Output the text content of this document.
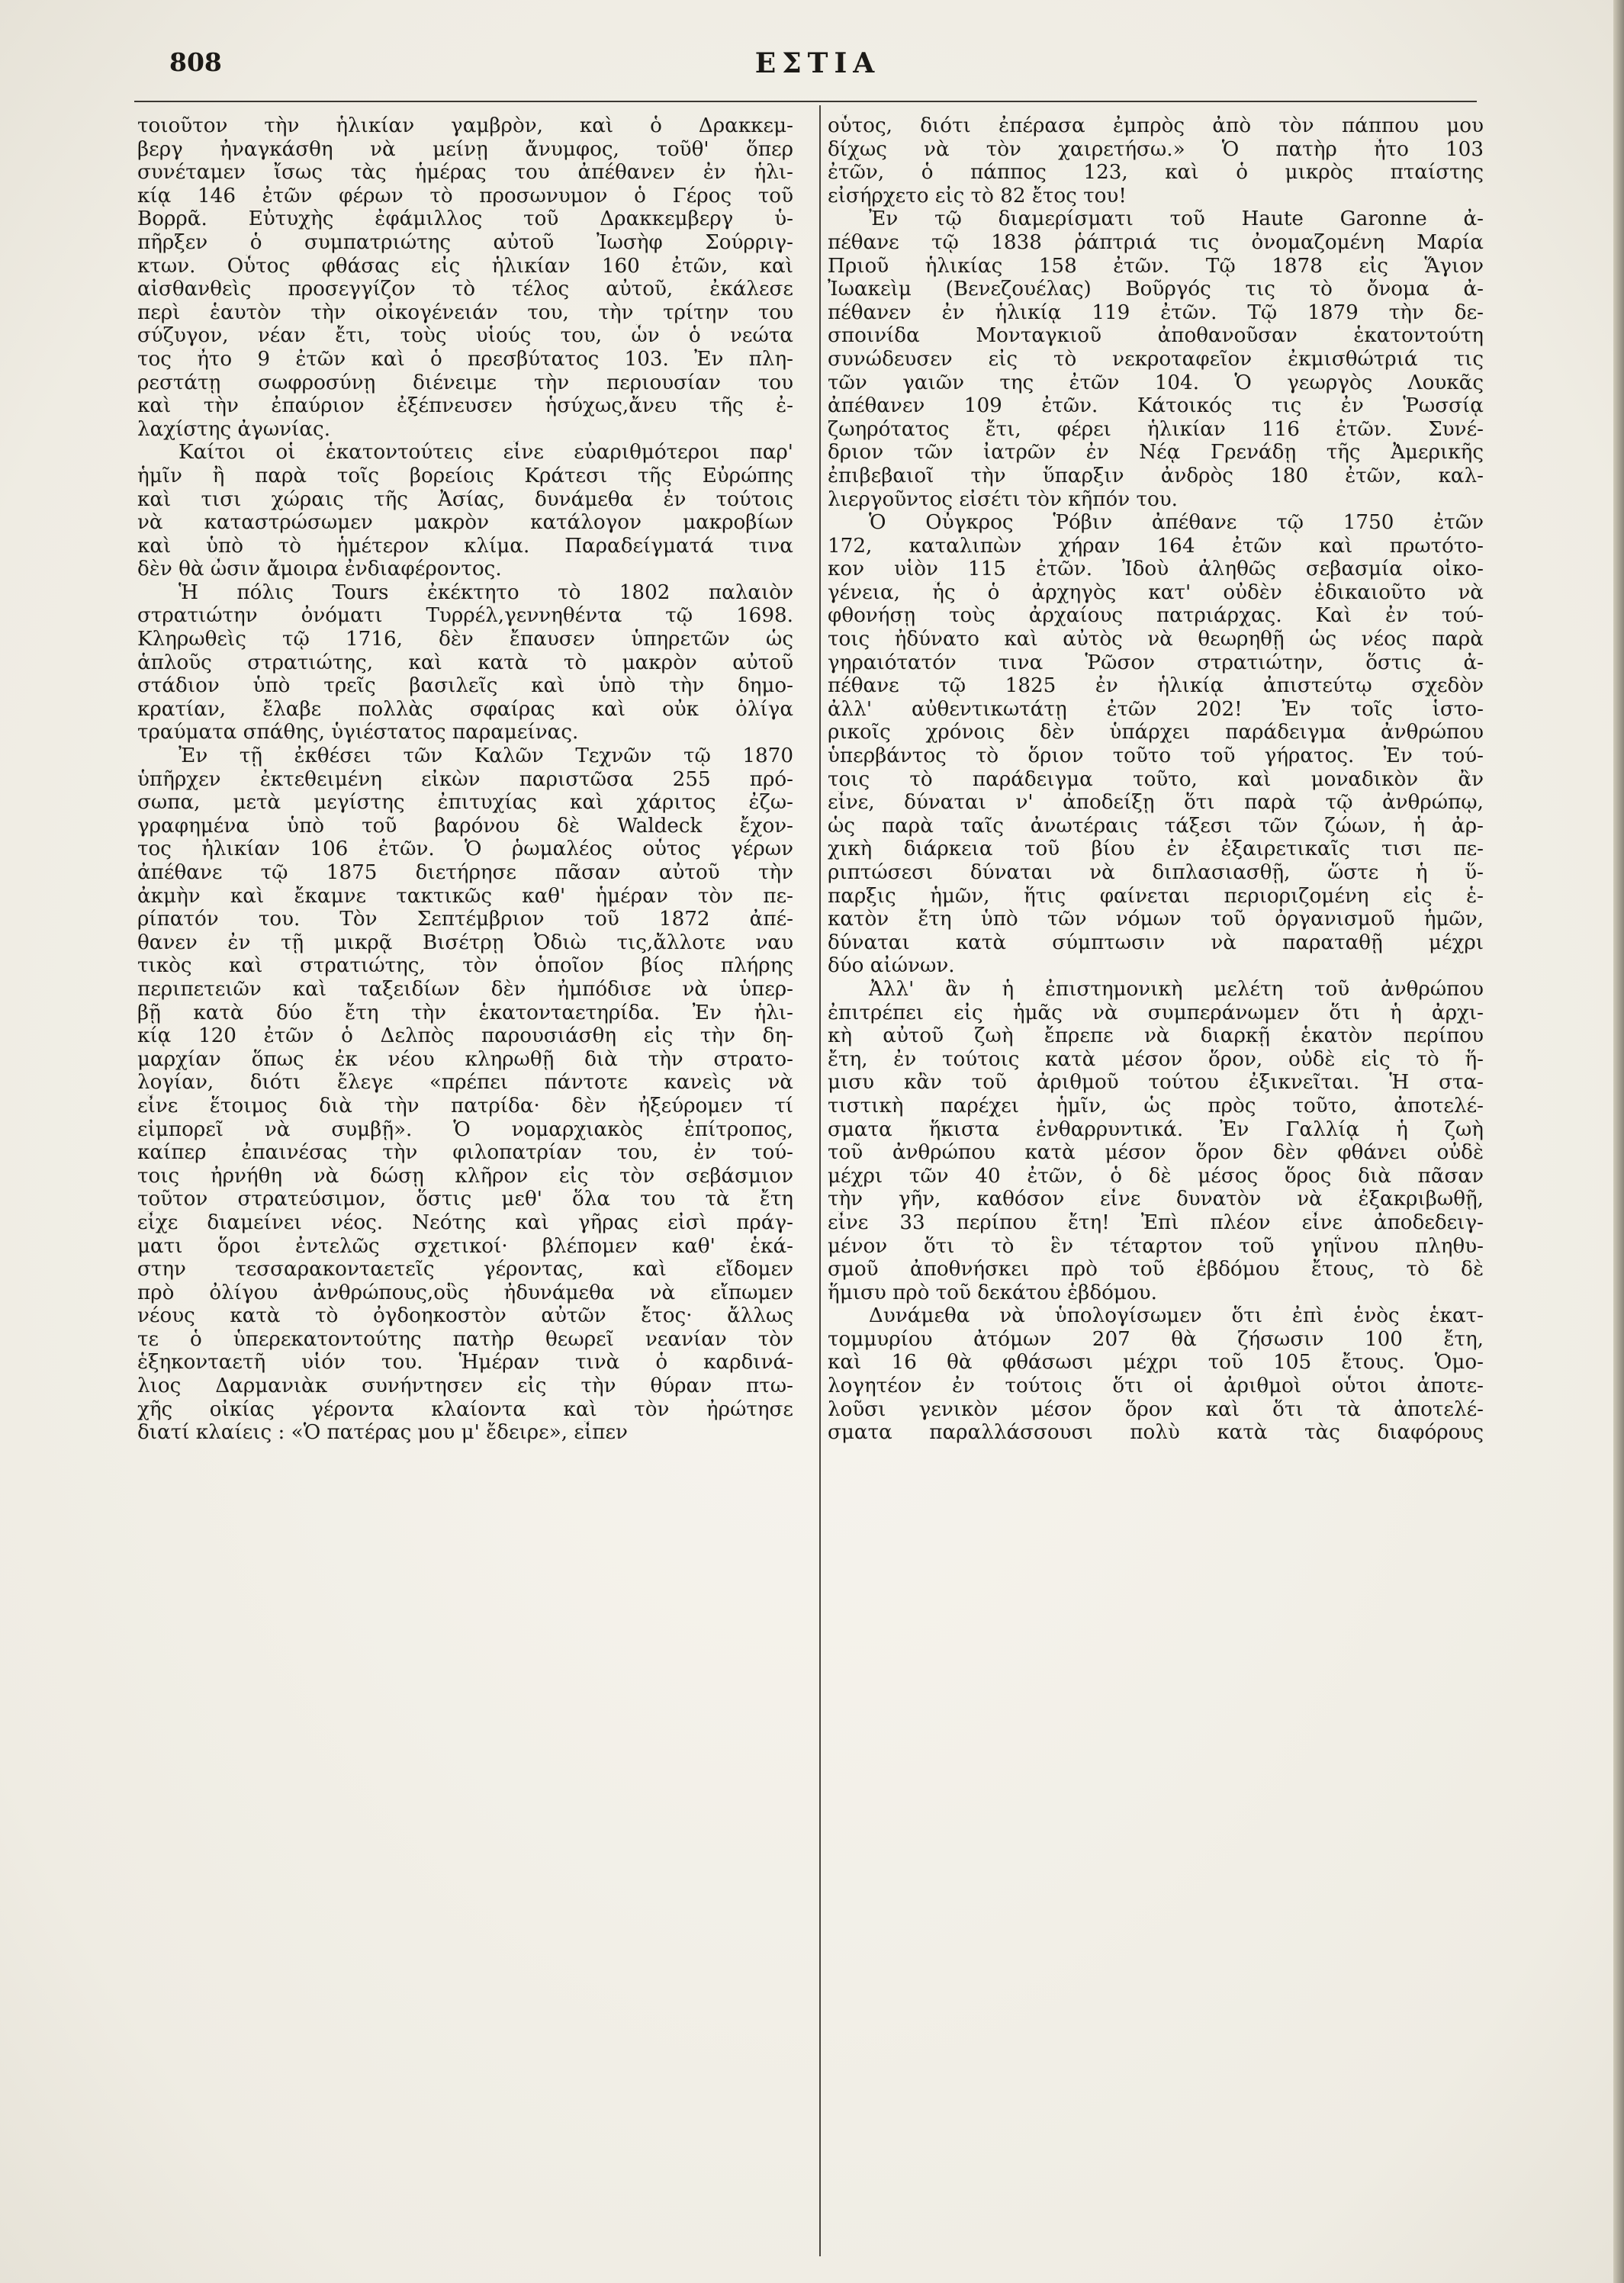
808	ΕΣΤΙΑ
τοιοῦτον τὴν ἡλικίαν γαμβρὸν, καὶ ὁ Δρακκεμ-
βεργ ἠναγκάσθη νὰ μείνῃ ἄνυμφος, τοῦθ' ὅπερ
συνέταμεν ἴσως τὰς ἡμέρας του ἀπέθανεν ἐν ἡλι-
κίᾳ 146 ἐτῶν φέρων τὸ προσωνυμον ὁ Γέρος τοῦ
Βορρᾶ. Εὐτυχὴς ἐφάμιλλος τοῦ Δρακκεμβεργ ὑ-
πῆρξεν ὁ συμπατριώτης αὐτοῦ Ἰωσὴφ Σούρριγ-
κτων. Οὗτος φθάσας εἰς ἡλικίαν 160 ἐτῶν, καὶ
αἰσθανθεὶς προσεγγίζον τὸ τέλος αὐτοῦ, ἐκάλεσε
περὶ ἑαυτὸν τὴν οἰκογένειάν του, τὴν τρίτην του
σύζυγον, νέαν ἔτι, τοὺς υἱούς του, ὧν ὁ νεώτα
τος ἦτο 9 ἐτῶν καὶ ὁ πρεσβύτατος 103. Ἐν πλη-
ρεστάτῃ σωφροσύνῃ διένειμε τὴν περιουσίαν του
καὶ τὴν ἐπαύριον ἐξέπνευσεν ἡσύχως,ἄνευ τῆς ἐ-
λαχίστης ἀγωνίας.
Καίτοι οἱ ἑκατοντούτεις εἶνε εὐαριθμότεροι παρ'
ἡμῖν ἢ παρὰ τοῖς βορείοις Κράτεσι τῆς Εὐρώπης
καὶ τισι χώραις τῆς Ἀσίας, δυνάμεθα ἐν τούτοις
νὰ καταστρώσωμεν μακρὸν κατάλογον μακροβίων
καὶ ὑπὸ τὸ ἡμέτερον κλίμα. Παραδείγματά τινα
δὲν θὰ ὦσιν ἄμοιρα ἐνδιαφέροντος.
Ἡ πόλις Tours ἐκέκτητο τὸ 1802 παλαιὸν
στρατιώτην ὀνόματι Τυρρέλ,γεννηθέντα τῷ 1698.
Κληρωθεὶς τῷ 1716, δὲν ἔπαυσεν ὑπηρετῶν ὡς
ἁπλοῦς στρατιώτης, καὶ κατὰ τὸ μακρὸν αὐτοῦ
στάδιον ὑπὸ τρεῖς βασιλεῖς καὶ ὑπὸ τὴν δημο-
κρατίαν, ἔλαβε πολλὰς σφαίρας καὶ οὐκ ὀλίγα
τραύματα σπάθης, ὑγιέστατος παραμείνας.
Ἐν τῇ ἐκθέσει τῶν Καλῶν Τεχνῶν τῷ 1870
ὑπῆρχεν ἐκτεθειμένη εἰκὼν παριστῶσα 255 πρό-
σωπα, μετὰ μεγίστης ἐπιτυχίας καὶ χάριτος ἐζω-
γραφημένα ὑπὸ τοῦ βαρόνου δὲ Waldeck ἔχον-
τος ἡλικίαν 106 ἐτῶν. Ὁ ῥωμαλέος οὗτος γέρων
ἀπέθανε τῷ 1875 διετήρησε πᾶσαν αὐτοῦ τὴν
ἀκμὴν καὶ ἔκαμνε τακτικῶς καθ' ἡμέραν τὸν πε-
ρίπατόν του. Τὸν Σεπτέμβριον τοῦ 1872 ἀπέ-
θανεν ἐν τῇ μικρᾷ Βισέτρῃ Ὀδιὼ τις,ἄλλοτε ναυ
τικὸς καὶ στρατιώτης, τὸν ὁποῖον βίος πλήρης
περιπετειῶν καὶ ταξειδίων δὲν ἠμπόδισε νὰ ὑπερ-
βῇ κατὰ δύο ἔτη τὴν ἑκατονταετηρίδα. Ἐν ἡλι-
κίᾳ 120 ἐτῶν ὁ Δελπὸς παρουσιάσθη εἰς τὴν δη-
μαρχίαν ὅπως ἐκ νέου κληρωθῇ διὰ τὴν στρατο-
λογίαν, διότι ἔλεγε «πρέπει πάντοτε κανεὶς νὰ
εἶνε ἕτοιμος διὰ τὴν πατρίδα· δὲν ἠξεύρομεν τί
εἰμπορεῖ νὰ συμβῇ». Ὁ νομαρχιακὸς ἐπίτροπος,
καίπερ ἐπαινέσας τὴν φιλοπατρίαν του, ἐν τού-
τοις ἠρνήθη νὰ δώσῃ κλῆρον εἰς τὸν σεβάσμιον
τοῦτον στρατεύσιμον, ὅστις μεθ' ὅλα του τὰ ἔτη
εἶχε διαμείνει νέος. Νεότης καὶ γῆρας εἰσὶ πράγ-
ματι ὅροι ἐντελῶς σχετικοί· βλέπομεν καθ' ἑκά-
στην τεσσαρακονταετεῖς γέροντας, καὶ εἴδομεν
πρὸ ὀλίγου ἀνθρώπους,οὓς ἠδυνάμεθα νὰ εἴπωμεν
νέους κατὰ τὸ ὀγδοηκοστὸν αὐτῶν ἔτος· ἄλλως
τε ὁ ὑπερεκατοντούτης πατὴρ θεωρεῖ νεανίαν τὸν
ἑξηκονταετῆ υἱόν του. Ἡμέραν τινὰ ὁ καρδινά-
λιος Δαρμανιὰκ συνήντησεν εἰς τὴν θύραν πτω-
χῆς οἰκίας γέροντα κλαίοντα καὶ τὸν ἠρώτησε
διατί κλαίεις : «Ὁ πατέρας μου μ' ἔδειρε», εἶπεν
οὗτος, διότι ἐπέρασα ἐμπρὸς ἀπὸ τὸν πάππου μου
δίχως νὰ τὸν χαιρετήσω.» Ὁ πατὴρ ἦτο 103
ἐτῶν, ὁ πάππος 123, καὶ ὁ μικρὸς πταίστης
εἰσήρχετο εἰς τὸ 82 ἔτος του!
Ἐν τῷ διαμερίσματι τοῦ Haute Garonne ἀ-
πέθανε τῷ 1838 ῥάπτριά τις ὀνομαζομένη Μαρία
Πριοῦ ἡλικίας 158 ἐτῶν. Τῷ 1878 εἰς Ἅγιον
Ἰωακεὶμ (Βενεζουέλας) Βοῦργός τις τὸ ὄνομα ἀ-
πέθανεν ἐν ἡλικίᾳ 119 ἐτῶν. Τῷ 1879 τὴν δε-
σποινίδα Μονταγκιοῦ ἀποθανοῦσαν ἑκατοντούτη
συνώδευσεν εἰς τὸ νεκροταφεῖον ἐκμισθώτριά τις
τῶν γαιῶν της ἐτῶν 104. Ὁ γεωργὸς Λουκᾶς
ἀπέθανεν 109 ἐτῶν. Κάτοικός τις ἐν Ῥωσσίᾳ
ζωηρότατος ἔτι, φέρει ἡλικίαν 116 ἐτῶν. Συνέ-
δριον τῶν ἰατρῶν ἐν Νέᾳ Γρενάδῃ τῆς Ἀμερικῆς
ἐπιβεβαιοῖ τὴν ὕπαρξιν ἀνδρὸς 180 ἐτῶν, καλ-
λιεργοῦντος εἰσέτι τὸν κῆπόν του.
Ὁ Οὖγκρος Ῥόβιν ἀπέθανε τῷ 1750 ἐτῶν
172, καταλιπὼν χήραν 164 ἐτῶν καὶ πρωτότο-
κον υἱὸν 115 ἐτῶν. Ἰδοὺ ἀληθῶς σεβασμία οἰκο-
γένεια, ἧς ὁ ἀρχηγὸς κατ' οὐδὲν ἐδικαιοῦτο νὰ
φθονήσῃ τοὺς ἀρχαίους πατριάρχας. Καὶ ἐν τού-
τοις ἠδύνατο καὶ αὐτὸς νὰ θεωρηθῇ ὡς νέος παρὰ
γηραιότατόν τινα Ῥῶσον στρατιώτην, ὅστις ἀ-
πέθανε τῷ 1825 ἐν ἡλικίᾳ ἀπιστεύτῳ σχεδὸν
ἀλλ' αὐθεντικωτάτῃ ἐτῶν 202! Ἐν τοῖς ἱστο-
ρικοῖς χρόνοις δὲν ὑπάρχει παράδειγμα ἀνθρώπου
ὑπερβάντος τὸ ὅριον τοῦτο τοῦ γήρατος. Ἐν τού-
τοις τὸ παράδειγμα τοῦτο, καὶ μοναδικὸν ἂν
εἶνε, δύναται ν' ἀποδείξῃ ὅτι παρὰ τῷ ἀνθρώπῳ,
ὡς παρὰ ταῖς ἀνωτέραις τάξεσι τῶν ζώων, ἡ ἀρ-
χικὴ διάρκεια τοῦ βίου ἐν ἐξαιρετικαῖς τισι πε-
ριπτώσεσι δύναται νὰ διπλασιασθῇ, ὥστε ἡ ὕ-
παρξις ἡμῶν, ἥτις φαίνεται περιοριζομένη εἰς ἑ-
κατὸν ἔτη ὑπὸ τῶν νόμων τοῦ ὀργανισμοῦ ἡμῶν,
δύναται κατὰ σύμπτωσιν νὰ παραταθῇ μέχρι
δύο αἰώνων.
Ἀλλ' ἂν ἡ ἐπιστημονικὴ μελέτη τοῦ ἀνθρώπου
ἐπιτρέπει εἰς ἡμᾶς νὰ συμπεράνωμεν ὅτι ἡ ἀρχι-
κὴ αὐτοῦ ζωὴ ἔπρεπε νὰ διαρκῇ ἑκατὸν περίπου
ἔτη, ἐν τούτοις κατὰ μέσον ὅρον, οὐδὲ εἰς τὸ ἥ-
μισυ κἂν τοῦ ἀριθμοῦ τούτου ἐξικνεῖται. Ἡ στα-
τιστικὴ παρέχει ἡμῖν, ὡς πρὸς τοῦτο, ἀποτελέ-
σματα ἥκιστα ἐνθαρρυντικά. Ἐν Γαλλίᾳ ἡ ζωὴ
τοῦ ἀνθρώπου κατὰ μέσον ὅρον δὲν φθάνει οὐδὲ
μέχρι τῶν 40 ἐτῶν, ὁ δὲ μέσος ὅρος διὰ πᾶσαν
τὴν γῆν, καθόσον εἶνε δυνατὸν νὰ ἐξακριβωθῇ,
εἶνε 33 περίπου ἔτη! Ἐπὶ πλέον εἶνε ἀποδεδειγ-
μένον ὅτι τὸ ἓν τέταρτον τοῦ γηΐνου πληθυ-
σμοῦ ἀποθνήσκει πρὸ τοῦ ἑβδόμου ἔτους, τὸ δὲ
ἥμισυ πρὸ τοῦ δεκάτου ἑβδόμου.
Δυνάμεθα νὰ ὑπολογίσωμεν ὅτι ἐπὶ ἑνὸς ἑκατ-
τομμυρίου ἀτόμων 207 θὰ ζήσωσιν 100 ἔτη,
καὶ 16 θὰ φθάσωσι μέχρι τοῦ 105 ἔτους. Ὁμο-
λογητέον ἐν τούτοις ὅτι οἱ ἀριθμοὶ οὗτοι ἀποτε-
λοῦσι γενικὸν μέσον ὅρον καὶ ὅτι τὰ ἀποτελέ-
σματα παραλλάσσουσι πολὺ κατὰ τὰς διαφόρους
